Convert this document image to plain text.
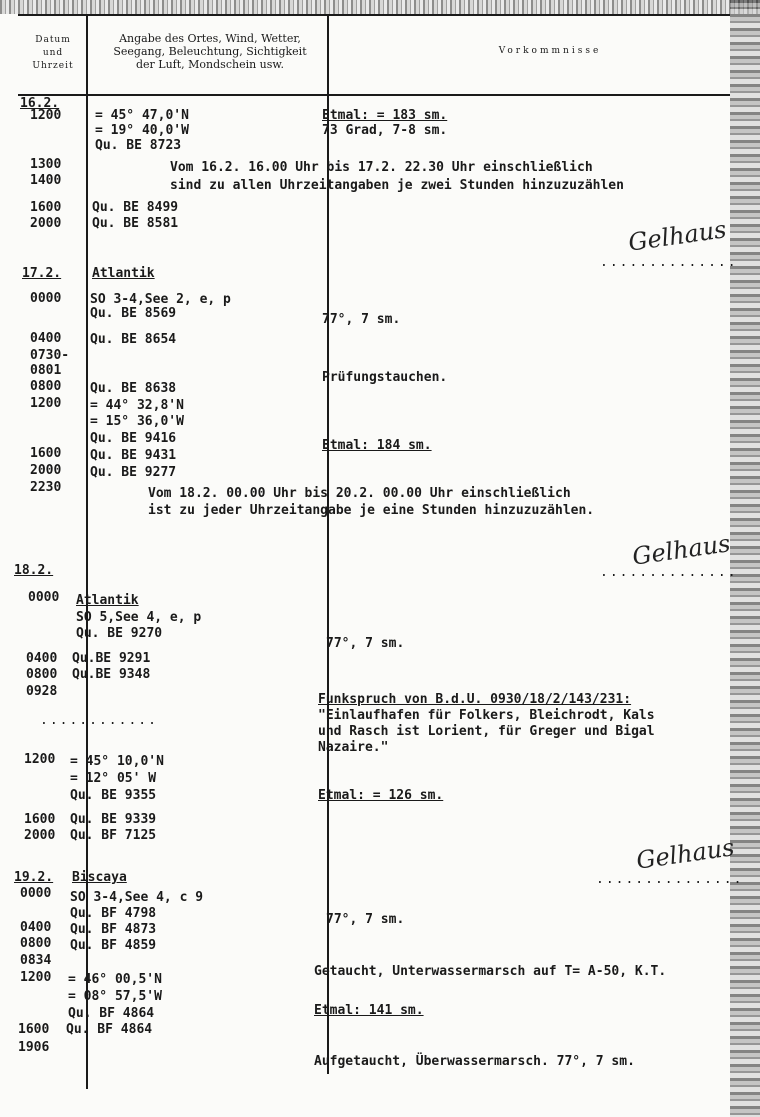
Datum
und
Uhrzeit
Angabe des Ortes, Wind, Wetter,
Seegang, Beleuchtung, Sichtigkeit
der Luft, Mondschein usw.
Vorkommnisse
16.2.
1200	= 45° 47,0'N	Etmal: = 183 sm.
= 19° 40,0'W	73 Grad, 7-8 sm.
Qu. BE 8723
1300	Vom 16.2. 16.00 Uhr bis 17.2. 22.30 Uhr einschließlich
1400	sind zu allen Uhrzeitangaben je zwei Stunden hinzuzuzählen
1600 Qu. BE 8499
2000 Qu. BE 8581	Gelhaus
..............
17.2. Atlantik
0000 SO 3-4,See 2, e, p
Qu. BE 8569	77°, 7 sm.
0400 Qu. BE 8654
0730-
0801	Prüfungstauchen.
0800 Qu. BE 8638
1200 = 44° 32,8'N
= 15° 36,0'W
Qu. BE 9416	Etmal: 184 sm.
1600 Qu. BE 9431
2000 Qu. BE 9277
2230	Vom 18.2. 00.00 Uhr bis 20.2. 00.00 Uhr einschließlich
ist zu jeder Uhrzeitangabe je eine Stunden hinzuzuzählen.
Gelhaus
..............
18.2.
0000 Atlantik
SO 5,See 4, e, p
Qu. BE 9270
77°, 7 sm.
0400 Qu.BE 9291
0800 Qu.BE 9348
0928
Funkspruch von B.d.U. 0930/18/2/143/231:
............	"Einlaufhafen für Folkers, Bleichrodt, Kals
und Rasch ist Lorient, für Greger und Bigal
Nazaire."
1200 = 45° 10,0'N
= 12° 05' W
Qu. BE 9355	Etmal: = 126 sm.
1600 Qu. BE 9339
2000 Qu. BF 7125	Gelhaus
...............
19.2. Biscaya
0000 SO 3-4,See 4, c 9
Qu. BF 4798	77°, 7 sm.
0400 Qu. BF 4873
0800 Qu. BF 4859
0834
1200 = 46° 00,5'N
Getaucht, Unterwassermarsch auf T= A-50, K.T.
= 08° 57,5'W
Qu. BF 4864	Etmal: 141 sm.
1600 Qu. BF 4864
1906
Aufgetaucht, Überwassermarsch. 77°, 7 sm.
